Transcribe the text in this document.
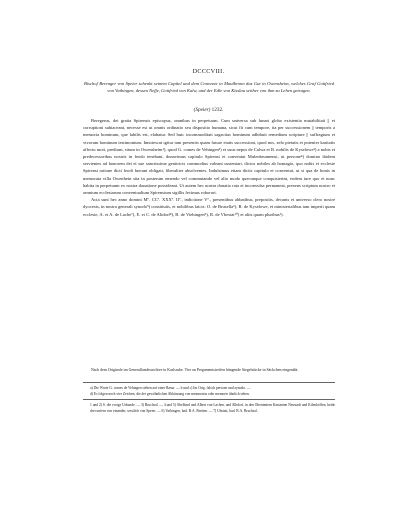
DCCCVIII.
Bischof Berenger von Speier schenkt seinem Capitel und dem Convente in Maulbronn das Gut in Owensheim, welches Graf Gottfried von Vaihingen, dessen Neffe, Gottfried von Kalw, und der Edle von Kisslau seither von ihm zu Lehen getragen.
(Speier) 1232.

Beregerus, dei gratia Spirensis episcopus, omnibus in perpetuum. Cum universa sub lunari globo existentia mutabilitati || et corruptioni subiaceant, necesse est ut omnis ordinatio seu dispositio humana, sicut fit cum tempore, ita per successionem || temporis a memoria hominum, que labilis est, elabatur. Sed huic incommoditati sagacitas hominum adhibuit remedium scripture || suffragium et vivorum hominum testimonium. Innotescat igitur tam presentis quam future etatis successioni, quod nos, zelo pietatis et potenter karitatis affectu moti, predium, situm in Owensheim¹), quod G. comes de Vehingen²) et suus nepos de Calwa et R. nobilis de Kyselowe³) a nobis et predecessoribus nostris in feodo tenebant, donavimus capitulo Spirensi et conventui Mulenbrunnensi, ut persone⁴) domino ibidem servientes ad honorem dei et sue sanctissime genitricis commodius valeant sustentari, dictos nobiles ab homagio, quo nobis et ecclesie Spirensi ratione dicti feodi fuerant obligati, liberaliter absolventes. Indulsimus etiam dictis capitulo et conventui, ut si qua de bonis in memorata villa Owenhein sita in posterum emendo vel commutando vel alio modo quecunque conquisierint, eodem iure quo et nunc habita in perpetuum ex nostra donatione possideant. Ut autem hec nostra donatio rata et inconvulsa permaneat, presens scriptum nostro et omnium ecclesiarum conventualium Spirensium sigillis fecimus roborari.

Acta sunt hec anno domini Mº. CCº. XXXº. IIº., indictione Vª., presentibus abbatibus, prepositis, decanis et universo clero nostre dyocesis, in nostra generali synodo⁵) constitutis, et nobilibus laicis: O. de Brusella⁶), R. de Kyselowe, et ministerialibus tam imperii quam ecclesie, A. et A. de Lache⁷), E. et C. de Altdorf⁸), B. de Viehingen⁹), R. de Vbestat¹⁰) et aliis quam pluribus¹).

Nach dem Originale im Generallandesarchive in Karlsruhe. Vier an Pergamentstreifen hängende Siegelstücke in Säckchen eingenäht.
a) Die Worte G. comes de Vehingen stehen auf einer Rasur. — b und c) Im Orig. falsch persone und zynodo. —
d) Es folgen noch vier Zeichen, die der gewöhnlichen Abkürzung von memoratus oder memorie ähnlich sehen.
1 und 2) S. die vorige Urkunde. — 3) Bruchsal. — 4 und 5) Abelhard und Albert von Lachen, und Albdorf, in den Oberämtern Kastanien Neustadt und Kilenköffen, beide drei unfern von einander, westlich von Speier. — 6) Vaihingen, bad. B.A. Bretten. — 7) Ubstatt, bad. B.A. Bruchsal.
